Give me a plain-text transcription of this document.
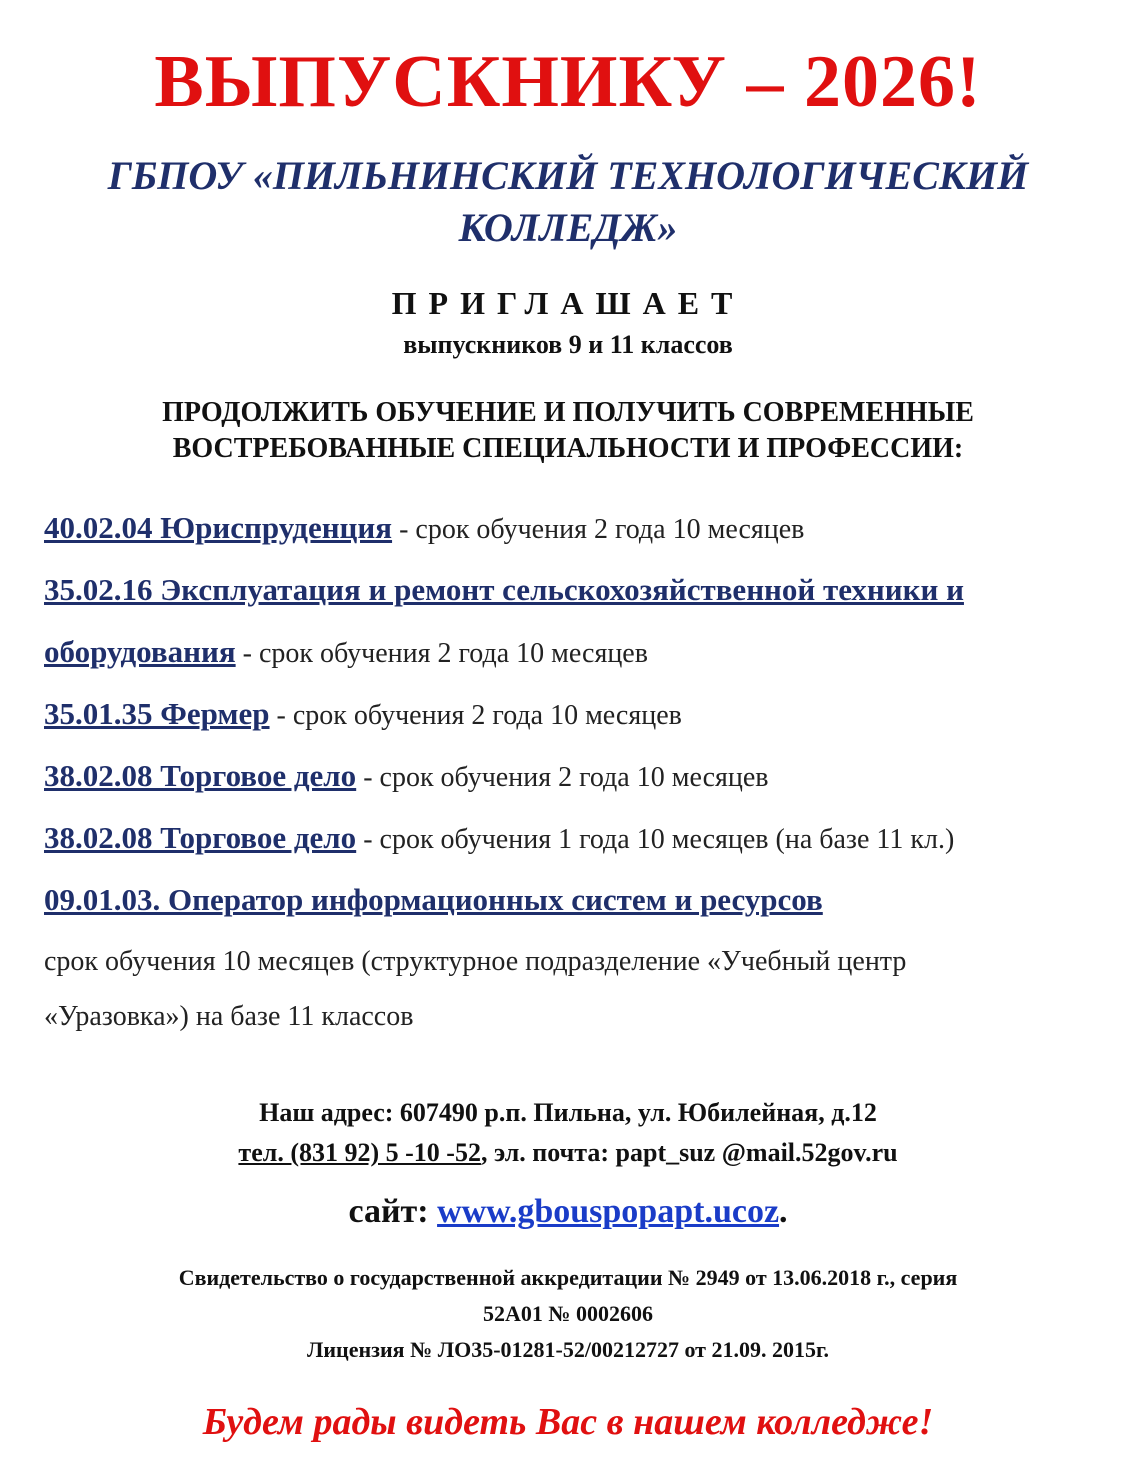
ВЫПУСКНИКУ – 2026!
ГБПОУ «ПИЛЬНИНСКИЙ ТЕХНОЛОГИЧЕСКИЙ
КОЛЛЕДЖ»
ПРИГЛАШАЕТ
выпускников 9 и 11 классов
ПРОДОЛЖИТЬ ОБУЧЕНИЕ И ПОЛУЧИТЬ СОВРЕМЕННЫЕ
ВОСТРЕБОВАННЫЕ СПЕЦИАЛЬНОСТИ И ПРОФЕССИИ:
40.02.04 Юриспруденция - срок обучения 2 года 10 месяцев
35.02.16 Эксплуатация и ремонт сельскохозяйственной техники и
оборудования - срок обучения 2 года 10 месяцев
35.01.35 Фермер - срок обучения 2 года 10 месяцев
38.02.08 Торговое дело - срок обучения 2 года 10 месяцев
38.02.08 Торговое дело - срок обучения 1 года 10 месяцев (на базе 11 кл.)
09.01.03. Оператор информационных систем и ресурсов
срок обучения 10 месяцев (структурное подразделение «Учебный центр
«Уразовка») на базе 11 классов
Наш адрес: 607490 р.п. Пильна, ул. Юбилейная, д.12
тел. (831 92) 5 -10 -52, эл. почта: papt_suz @mail.52gov.ru
сайт: www.gbouspopapt.ucoz.
Свидетельство о государственной аккредитации № 2949 от 13.06.2018 г., серия
52А01 № 0002606
Лицензия № ЛО35-01281-52/00212727 от 21.09. 2015г.
Будем рады видеть Вас в нашем колледже!
